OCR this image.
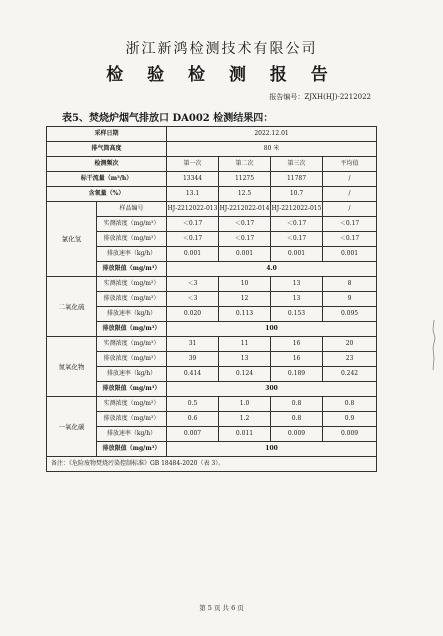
浙江新鸿检测技术有限公司
检 验 检 测 报 告
报告编号：ZJXH(HJ)-2212022
表5、焚烧炉烟气排放口 DA002 检测结果四：
采样日期		2022.12.01			
排气筒高度		80 米			
检测频次		第一次	第二次	第三次	平均值
标干流量（m³/h）		13344	11275	11787	/
含氧量（%）		13.1	12.5	10.7	/
氯化氢	样品编号	HJ-2212022-013	HJ-2212022-014	HJ-2212022-015	/
	实测浓度（mg/m³）	＜0.17	＜0.17	＜0.17	＜0.17
	排放浓度（mg/m³）	＜0.17	＜0.17	＜0.17	＜0.17
	排放速率（kg/h）	0.001	0.001	0.001	0.001
	排放限值（mg/m³）	4.0			
二氧化硫	实测浓度（mg/m³）	＜3	10	13	8
	排放浓度（mg/m³）	＜3	12	13	9
	排放速率（kg/h）	0.020	0.113	0.153	0.095
	排放限值（mg/m³）	100			
氮氧化物	实测浓度（mg/m³）	31	11	16	20
	排放浓度（mg/m³）	39	13	16	23
	排放速率（kg/h）	0.414	0.124	0.189	0.242
	排放限值（mg/m³）	300			
一氧化碳	实测浓度（mg/m³）	0.5	1.0	0.8	0.8
	排放浓度（mg/m³）	0.6	1.2	0.8	0.9
	排放速率（kg/h）	0.007	0.011	0.009	0.009
	排放限值（mg/m³）	100			
备注：《危险废物焚烧污染控制标准》GB 18484-2020（表 3）。					
第 5 页 共 6 页
